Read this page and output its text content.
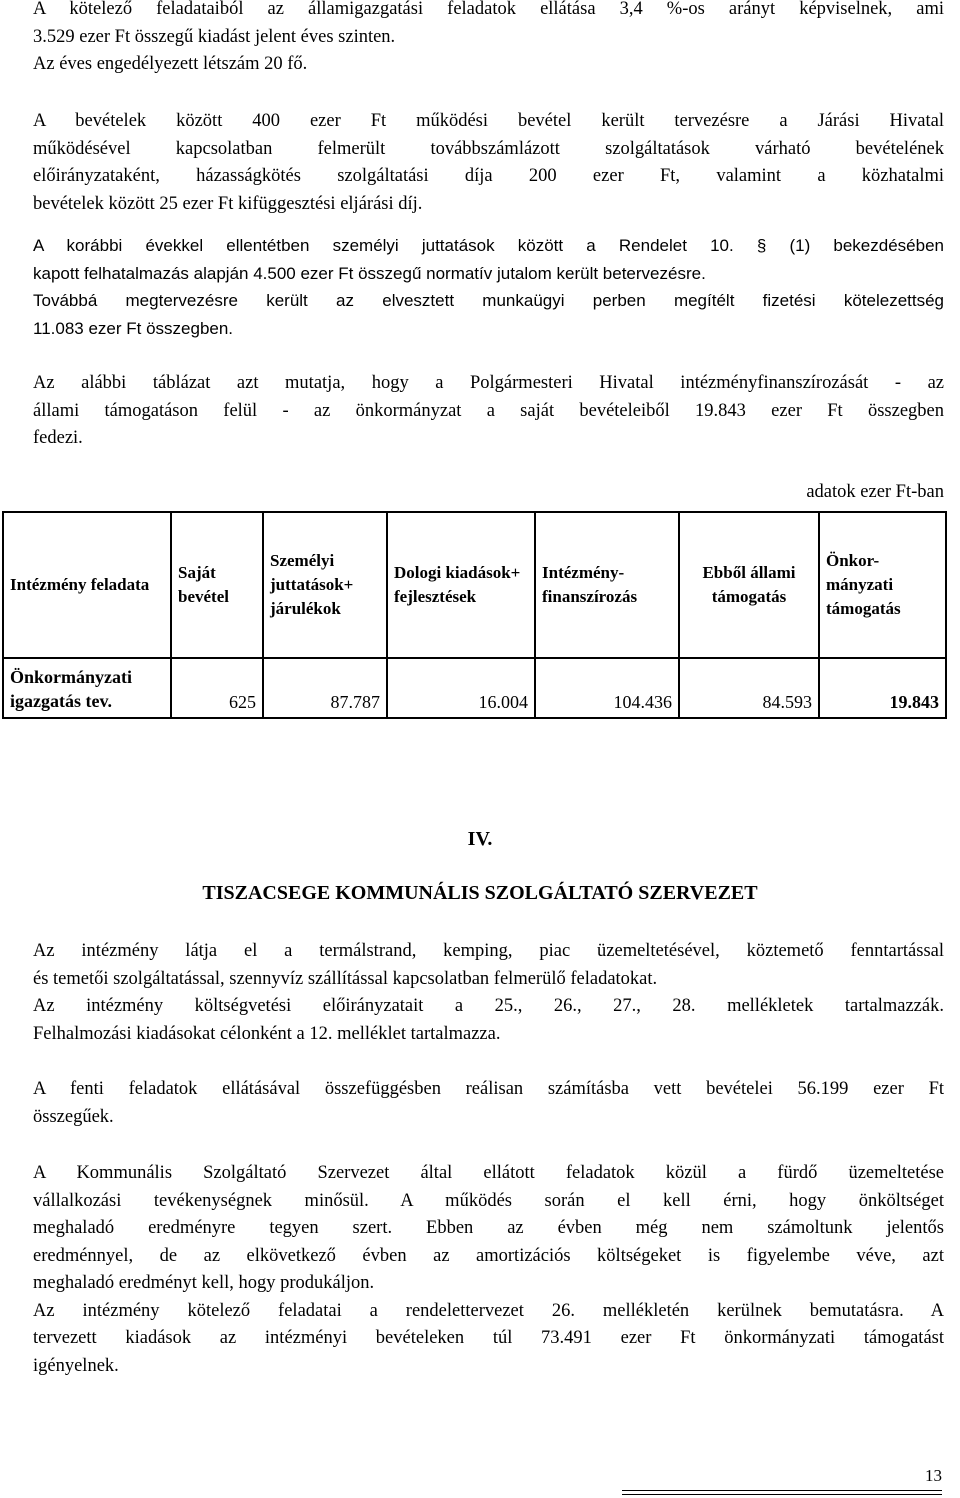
A kötelező feladataiból az államigazgatási feladatok ellátása 3,4 %-os arányt képviselnek, ami
3.529 ezer Ft összegű kiadást jelent éves szinten.
Az éves engedélyezett létszám 20 fő.
A bevételek között 400 ezer Ft működési bevétel került tervezésre a Járási Hivatal
működésével kapcsolatban felmerült továbbszámlázott szolgáltatások várható bevételének
előirányzataként, házasságkötés szolgáltatási díja 200 ezer Ft, valamint a közhatalmi
bevételek között 25 ezer Ft kifüggesztési eljárási díj.
A korábbi évekkel ellentétben személyi juttatások között a Rendelet 10. § (1) bekezdésében
kapott felhatalmazás alapján 4.500 ezer Ft összegű normatív jutalom került betervezésre.
Továbbá megtervezésre került az elvesztett munkaügyi perben megítélt fizetési kötelezettség
11.083 ezer Ft összegben.
Az alábbi táblázat azt mutatja, hogy a Polgármesteri Hivatal intézményfinanszírozását - az
állami támogatáson felül - az önkormányzat a saját bevételeiből 19.843 ezer Ft összegben
fedezi.
adatok ezer Ft-ban
Intézmény feladata	Saját bevétel	Személyi juttatások+ járulékok	Dologi kiadások+ fejlesztések	Intézmény-finanszírozás	Ebből állami támogatás	Önkor-mányzati támogatás
Önkormányzati
igazgatás tev.	625	87.787	16.004	104.436	84.593	19.843

IV.

TISZACSEGE KOMMUNÁLIS SZOLGÁLTATÓ SZERVEZET

Az intézmény látja el a termálstrand, kemping, piac üzemeltetésével, köztemető fenntartással
és temetői szolgáltatással, szennyvíz szállítással kapcsolatban felmerülő feladatokat.
Az intézmény költségvetési előirányzatait a 25., 26., 27., 28. mellékletek tartalmazzák.
Felhalmozási kiadásokat célonként a 12. melléklet tartalmazza.
A fenti feladatok ellátásával összefüggésben reálisan számításba vett bevételei 56.199 ezer Ft
összegűek.
A Kommunális Szolgáltató Szervezet által ellátott feladatok közül a fürdő üzemeltetése
vállalkozási tevékenységnek minősül. A működés során el kell érni, hogy önköltséget
meghaladó eredményre tegyen szert. Ebben az évben még nem számoltunk jelentős
eredménnyel, de az elkövetkező évben az amortizációs költségeket is figyelembe véve, azt
meghaladó eredményt kell, hogy produkáljon.
Az intézmény kötelező feladatai a rendelettervezet 26. mellékletén kerülnek bemutatásra. A
tervezett kiadások az intézményi bevételeken túl 73.491 ezer Ft önkormányzati támogatást
igényelnek.
13
